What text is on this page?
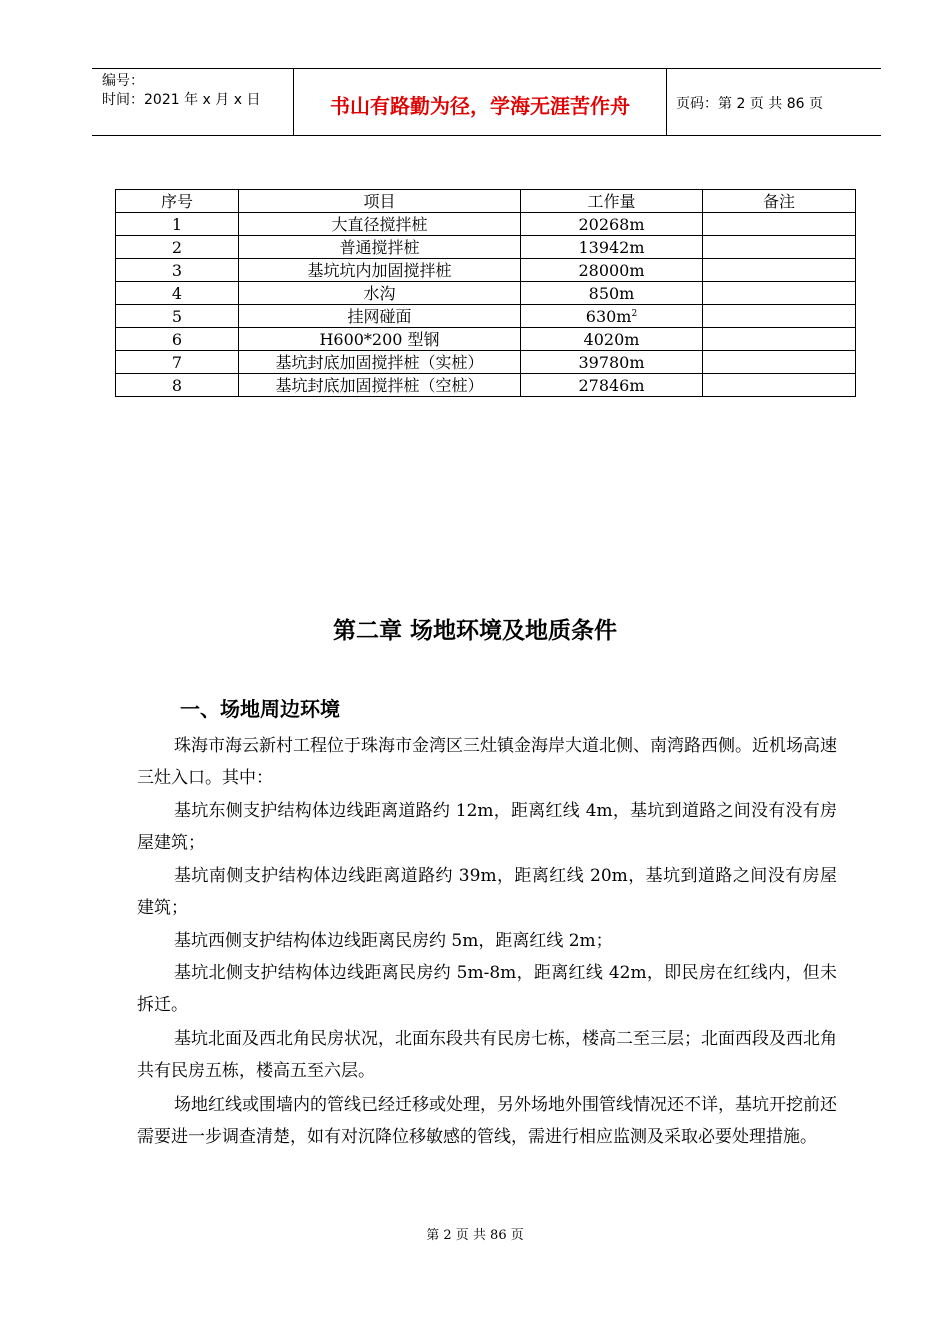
编号：
时间：2021 年 x 月 x 日	书山有路勤为径，学海无涯苦作舟	页码：第 2 页 共 86 页
序号	项目	工作量	备注
1	大直径搅拌桩	20268m	
2	普通搅拌桩	13942m	
3	基坑坑内加固搅拌桩	28000m	
4	水沟	850m	
5	挂网碰面	$630m^2$	
6	H600*200 型钢	4020m	
7	基坑封底加固搅拌桩（实桩）	39780m	
8	基坑封底加固搅拌桩（空桩）	27846m	
第二章 场地环境及地质条件
一、场地周边环境

珠海市海云新村工程位于珠海市金湾区三灶镇金海岸大道北侧、南湾路西侧。近机场高速三灶入口。其中：

基坑东侧支护结构体边线距离道路约 12m，距离红线 4m，基坑到道路之间没有没有房屋建筑；

基坑南侧支护结构体边线距离道路约 39m，距离红线 20m，基坑到道路之间没有房屋建筑；

基坑西侧支护结构体边线距离民房约 5m，距离红线 2m；

基坑北侧支护结构体边线距离民房约 5m-8m，距离红线 42m，即民房在红线内，但未拆迁。

基坑北面及西北角民房状况，北面东段共有民房七栋，楼高二至三层；北面西段及西北角共有民房五栋，楼高五至六层。

场地红线或围墙内的管线已经迁移或处理，另外场地外围管线情况还不详，基坑开挖前还需要进一步调查清楚，如有对沉降位移敏感的管线，需进行相应监测及采取必要处理措施。

第 2 页 共 86 页
